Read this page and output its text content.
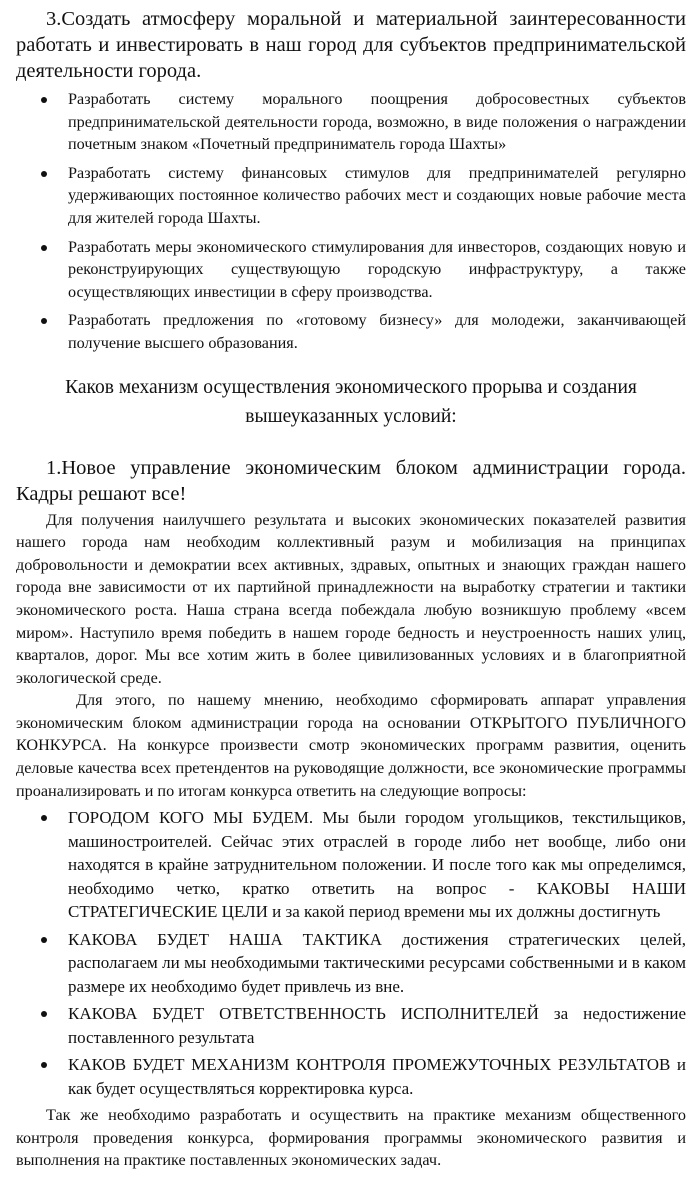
3.Создать атмосферу моральной и материальной заинтересованности работать и инвестировать в наш город для субъектов предпринимательской деятельности города.
Разработать систему морального поощрения добросовестных субъектов предпринимательской деятельности города, возможно, в виде положения о награждении почетным знаком «Почетный предприниматель города Шахты»
Разработать систему финансовых стимулов для предпринимателей регулярно удерживающих постоянное количество рабочих мест и создающих новые рабочие места для жителей города Шахты.
Разработать меры экономического стимулирования для инвесторов, создающих новую и реконструирующих существующую городскую инфраструктуру, а также осуществляющих инвестиции в сферу производства.
Разработать предложения по «готовому бизнесу» для молодежи, заканчивающей получение высшего образования.
Каков механизм осуществления экономического прорыва и создания
вышеуказанных условий:
1.Новое управление экономическим блоком администрации города. Кадры решают все!
Для получения наилучшего результата и высоких экономических показателей развития нашего города нам необходим коллективный разум и мобилизация на принципах добровольности и демократии всех активных, здравых, опытных и знающих граждан нашего города вне зависимости от их партийной принадлежности на выработку стратегии и тактики экономического роста. Наша страна всегда побеждала любую возникшую проблему «всем миром». Наступило время победить в нашем городе бедность и неустроенность наших улиц, кварталов, дорог. Мы все хотим жить в более цивилизованных условиях и в благоприятной экологической среде.
Для этого, по нашему мнению, необходимо сформировать аппарат управления экономическим блоком администрации города на основании ОТКРЫТОГО ПУБЛИЧНОГО КОНКУРСА. На конкурсе произвести смотр экономических программ развития, оценить деловые качества всех претендентов на руководящие должности, все экономические программы проанализировать и по итогам конкурса ответить на следующие вопросы:
ГОРОДОМ КОГО МЫ БУДЕМ. Мы были городом угольщиков, текстильщиков, машиностроителей. Сейчас этих отраслей в городе либо нет вообще, либо они находятся в крайне затруднительном положении. И после того как мы определимся, необходимо четко, кратко ответить на вопрос - КАКОВЫ НАШИ СТРАТЕГИЧЕСКИЕ ЦЕЛИ и за какой период времени мы их должны достигнуть
КАКОВА БУДЕТ НАША ТАКТИКА достижения стратегических целей, располагаем ли мы необходимыми тактическими ресурсами собственными и в каком размере их необходимо будет привлечь из вне.
КАКОВА БУДЕТ ОТВЕТСТВЕННОСТЬ ИСПОЛНИТЕЛЕЙ за недостижение поставленного результата
КАКОВ БУДЕТ МЕХАНИЗМ КОНТРОЛЯ ПРОМЕЖУТОЧНЫХ РЕЗУЛЬТАТОВ и как будет осуществляться корректировка курса.
Так же необходимо разработать и осуществить на практике механизм общественного контроля проведения конкурса, формирования программы экономического развития и выполнения на практике поставленных экономических задач.
